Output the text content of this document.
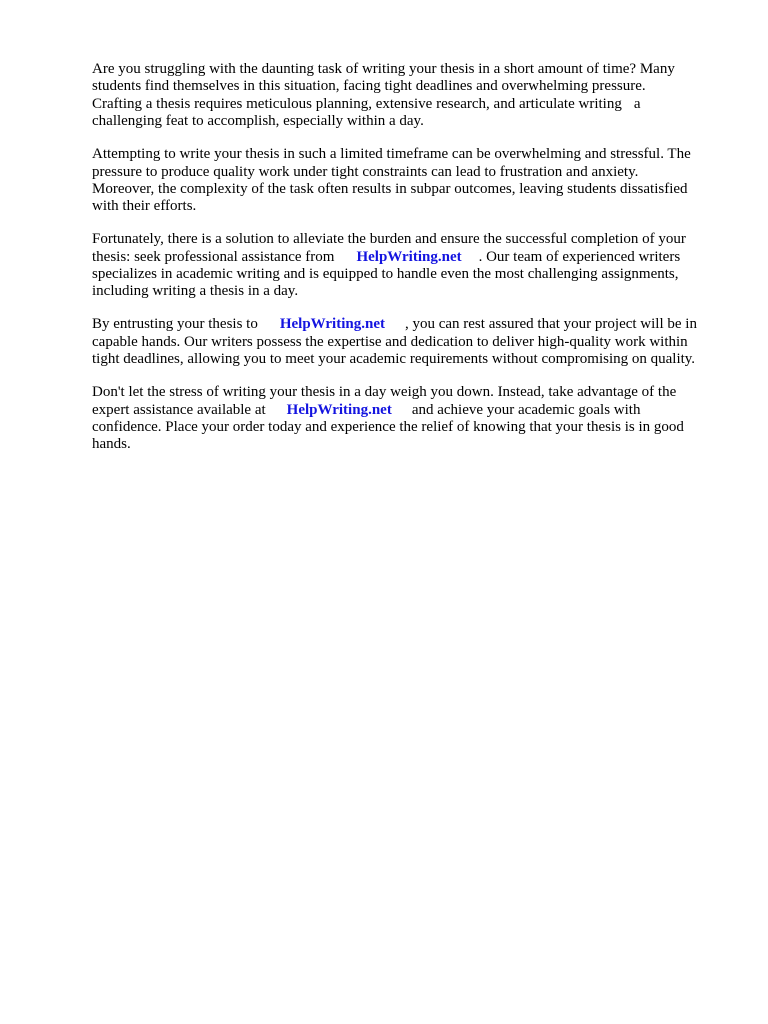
Are you struggling with the daunting task of writing your thesis in a short amount of time? Many
students find themselves in this situation, facing tight deadlines and overwhelming pressure.
Crafting a thesis requires meticulous planning, extensive research, and articulate writing a
challenging feat to accomplish, especially within a day.

Attempting to write your thesis in such a limited timeframe can be overwhelming and stressful. The
pressure to produce quality work under tight constraints can lead to frustration and anxiety.
Moreover, the complexity of the task often results in subpar outcomes, leaving students dissatisfied
with their efforts.

Fortunately, there is a solution to alleviate the burden and ensure the successful completion of your
thesis: seek professional assistance from HelpWriting.net . Our team of experienced writers
specializes in academic writing and is equipped to handle even the most challenging assignments,
including writing a thesis in a day.

By entrusting your thesis to HelpWriting.net , you can rest assured that your project will be in
capable hands. Our writers possess the expertise and dedication to deliver high-quality work within
tight deadlines, allowing you to meet your academic requirements without compromising on quality.

Don't let the stress of writing your thesis in a day weigh you down. Instead, take advantage of the
expert assistance available at HelpWriting.net and achieve your academic goals with
confidence. Place your order today and experience the relief of knowing that your thesis is in good
hands.
